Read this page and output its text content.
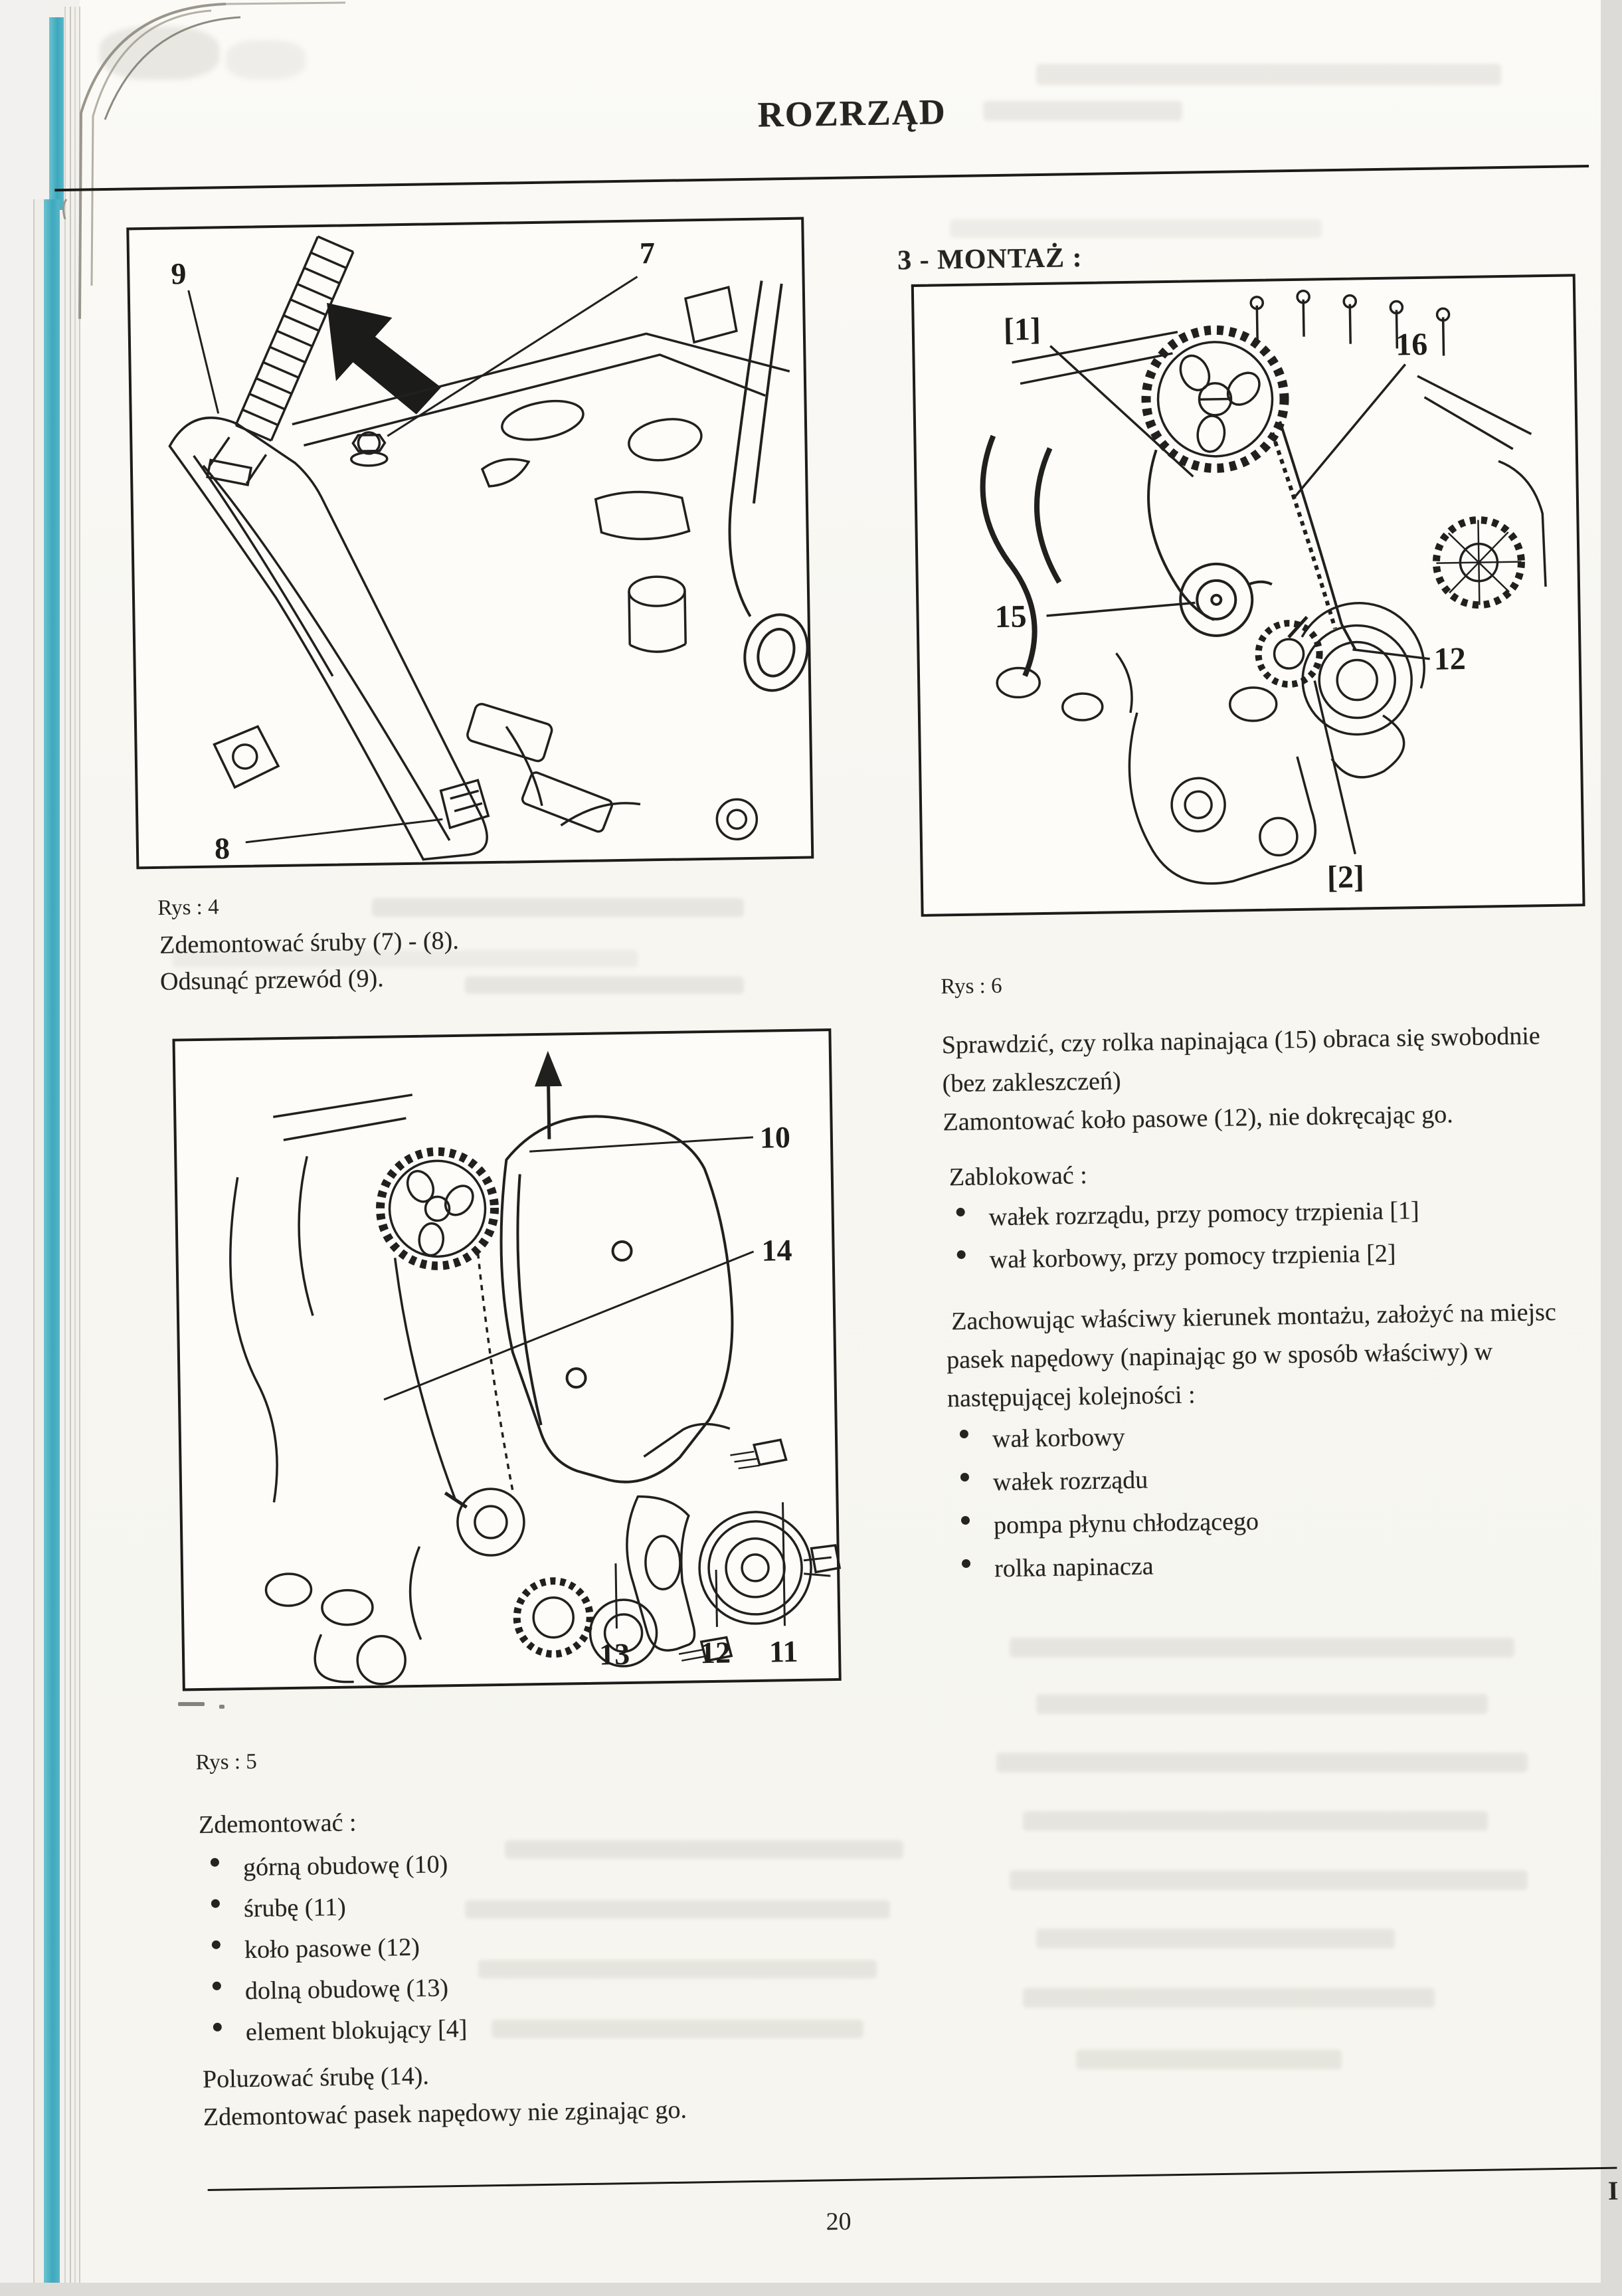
ROZRZĄD
9
7
8
Rys : 4
Zdemontować śruby (7) - (8).
Odsunąć przewód (9).
10
14
13 12 11
Rys : 5
Zdemontować :
górną obudowę (10)
śrubę (11)
koło pasowe (12)
dolną obudowę (13)
element blokujący [4]
Poluzować śrubę (14).
Zdemontować pasek napędowy nie zginając go.
3 - MONTAŻ :
[1]	16
15
12
[2]
Rys : 6
Sprawdzić, czy rolka napinająca (15) obraca się swobodnie
(bez zakleszczeń)
Zamontować koło pasowe (12), nie dokręcając go.
Zablokować :
wałek rozrządu, przy pomocy trzpienia [1]
wał korbowy, przy pomocy trzpienia [2]
Zachowując właściwy kierunek montażu, założyć na miejsc
pasek napędowy (napinając go w sposób właściwy) w
następującej kolejności :
wał korbowy
wałek rozrządu
pompa płynu chłodzącego
rolka napinacza
20
I
